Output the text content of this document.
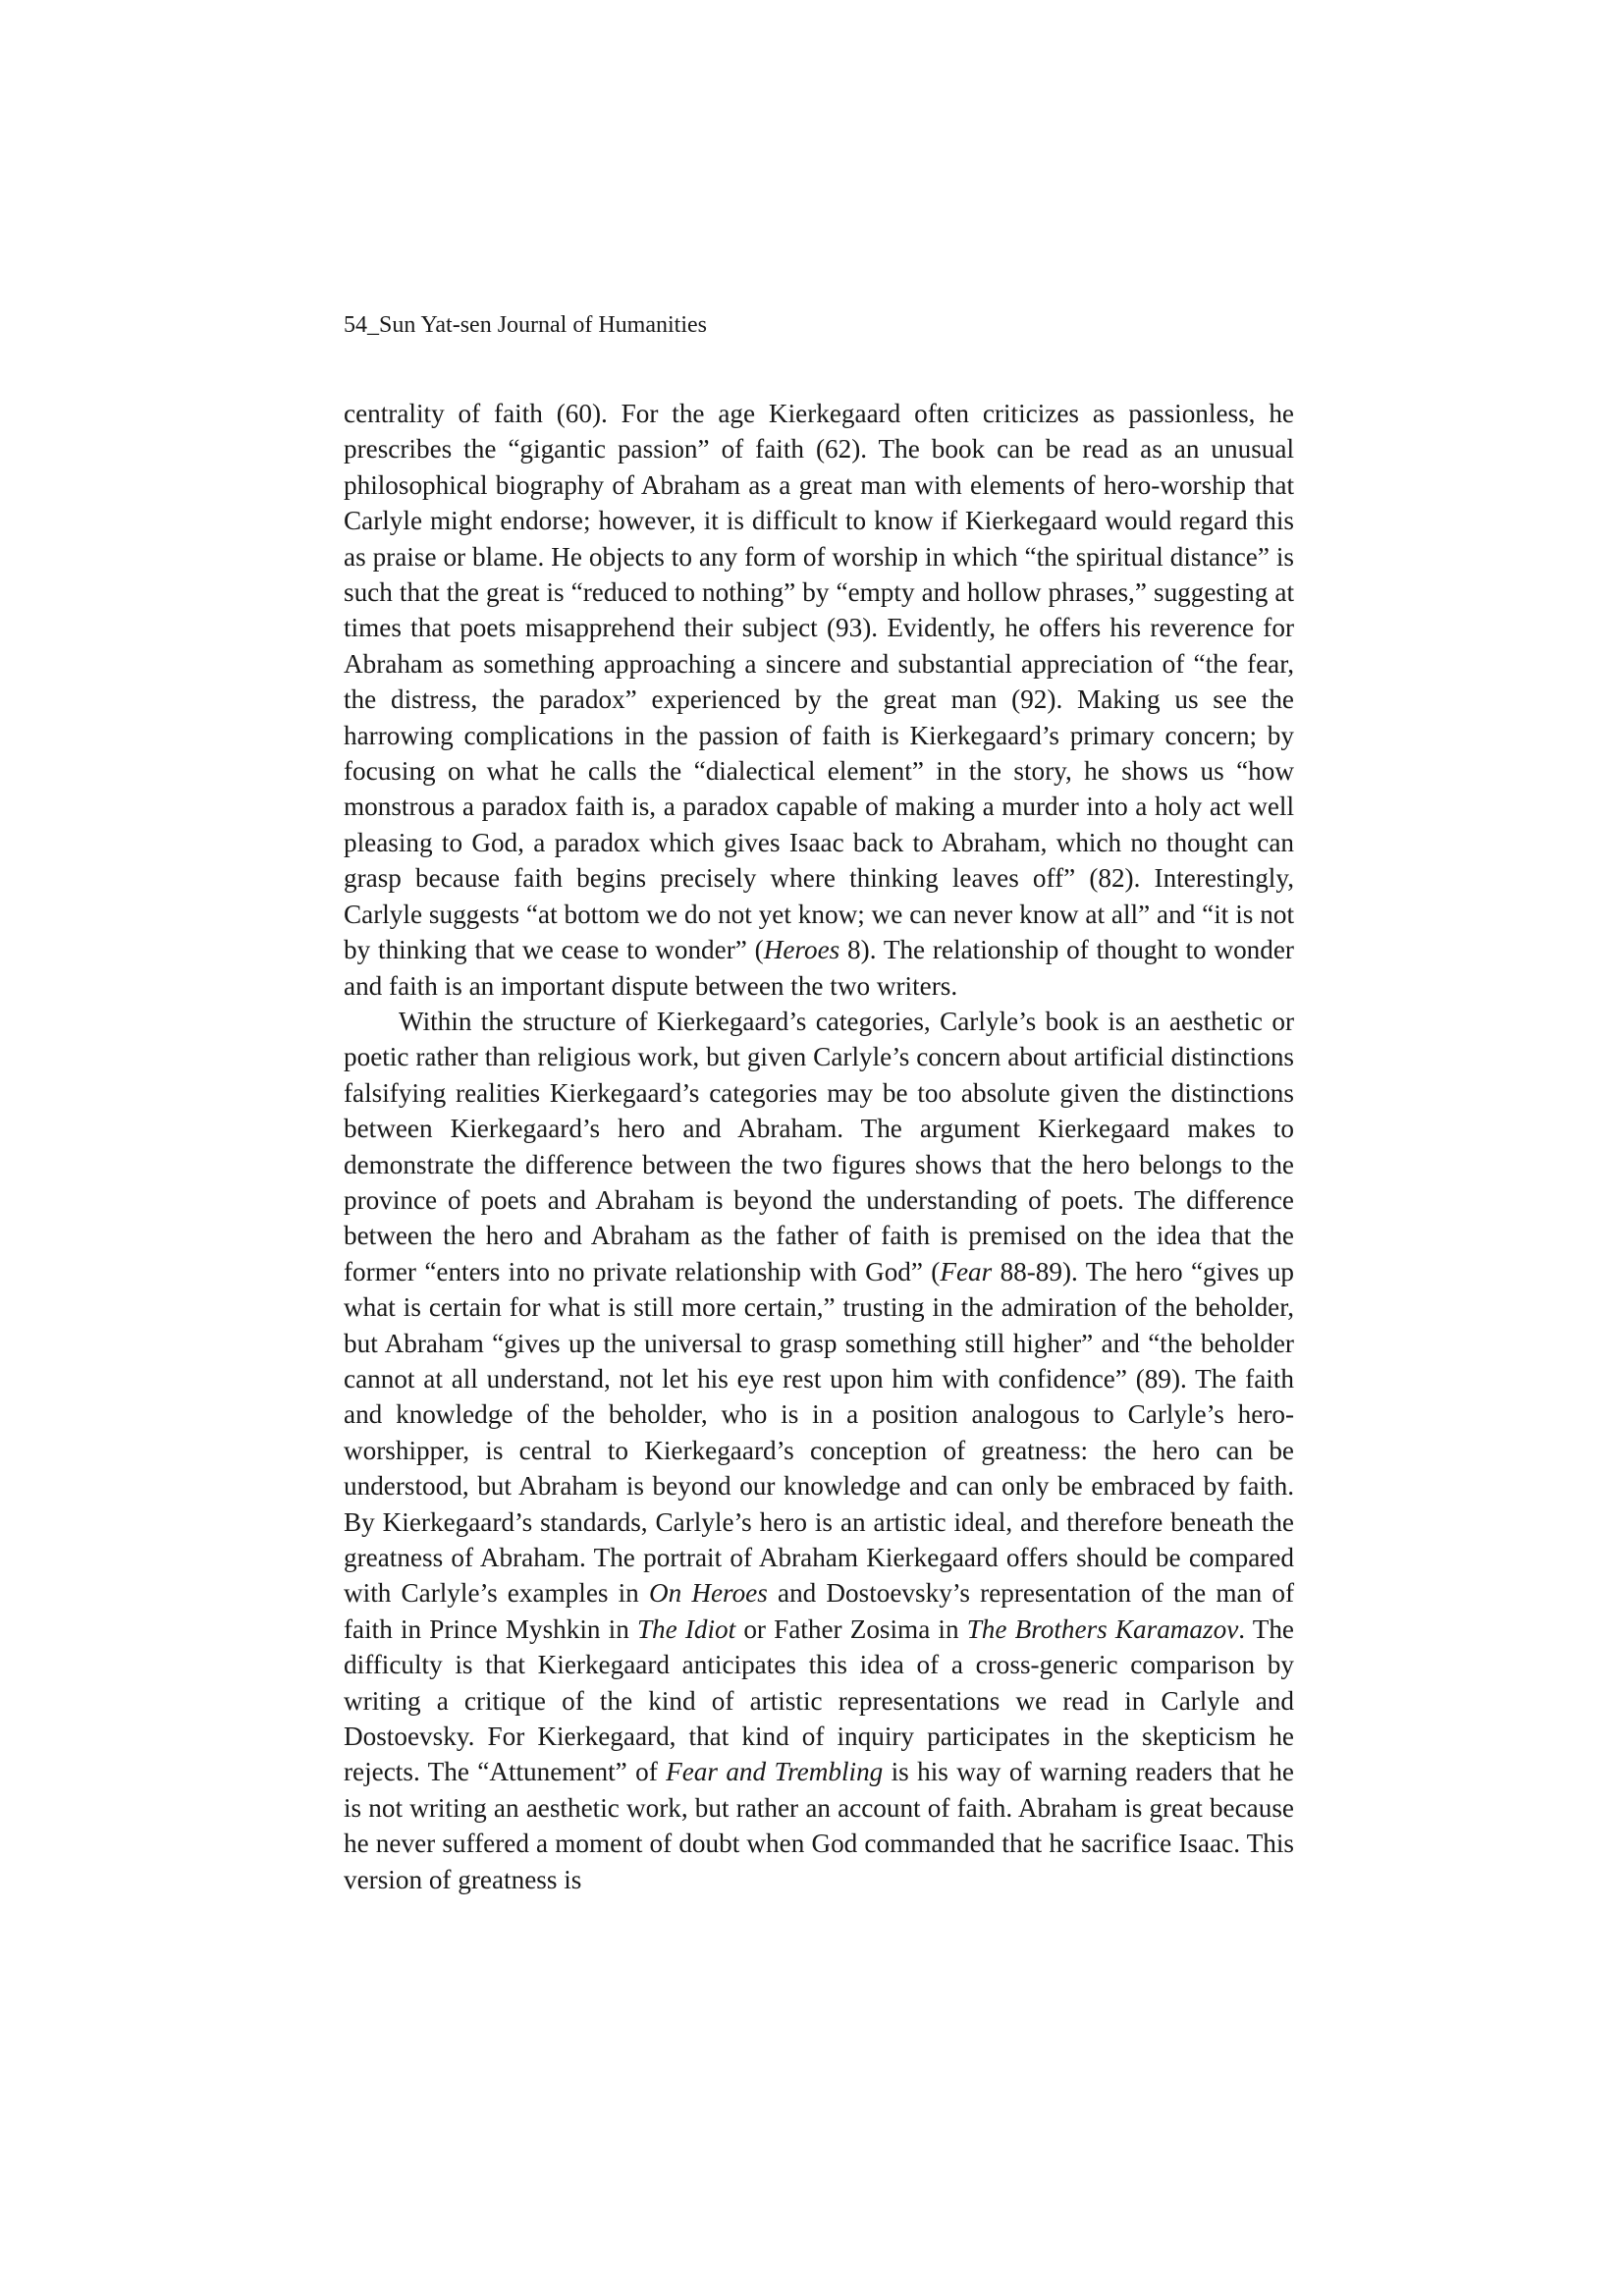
54_Sun Yat-sen Journal of Humanities

centrality of faith (60). For the age Kierkegaard often criticizes as passionless, he prescribes the “gigantic passion” of faith (62). The book can be read as an unusual philosophical biography of Abraham as a great man with elements of hero-worship that Carlyle might endorse; however, it is difficult to know if Kierkegaard would regard this as praise or blame. He objects to any form of worship in which “the spiritual distance” is such that the great is “reduced to nothing” by “empty and hollow phrases,” suggesting at times that poets misapprehend their subject (93). Evidently, he offers his reverence for Abraham as something approaching a sincere and substantial appreciation of “the fear, the distress, the paradox” experienced by the great man (92). Making us see the harrowing complications in the passion of faith is Kierkegaard’s primary concern; by focusing on what he calls the “dialectical element” in the story, he shows us “how monstrous a paradox faith is, a paradox capable of making a murder into a holy act well pleasing to God, a paradox which gives Isaac back to Abraham, which no thought can grasp because faith begins precisely where thinking leaves off” (82). Interestingly, Carlyle suggests “at bottom we do not yet know; we can never know at all” and “it is not by thinking that we cease to wonder” (Heroes 8). The relationship of thought to wonder and faith is an important dispute between the two writers.

Within the structure of Kierkegaard’s categories, Carlyle’s book is an aesthetic or poetic rather than religious work, but given Carlyle’s concern about artificial distinctions falsifying realities Kierkegaard’s categories may be too absolute given the distinctions between Kierkegaard’s hero and Abraham. The argument Kierkegaard makes to demonstrate the difference between the two figures shows that the hero belongs to the province of poets and Abraham is beyond the understanding of poets. The difference between the hero and Abraham as the father of faith is premised on the idea that the former “enters into no private relationship with God” (Fear 88-89). The hero “gives up what is certain for what is still more certain,” trusting in the admiration of the beholder, but Abraham “gives up the universal to grasp something still higher” and “the beholder cannot at all understand, not let his eye rest upon him with confidence” (89). The faith and knowledge of the beholder, who is in a position analogous to Carlyle’s hero-worshipper, is central to Kierkegaard’s conception of greatness: the hero can be understood, but Abraham is beyond our knowledge and can only be embraced by faith. By Kierkegaard’s standards, Carlyle’s hero is an artistic ideal, and therefore beneath the greatness of Abraham. The portrait of Abraham Kierkegaard offers should be compared with Carlyle’s examples in On Heroes and Dostoevsky’s representation of the man of faith in Prince Myshkin in The Idiot or Father Zosima in The Brothers Karamazov. The difficulty is that Kierkegaard anticipates this idea of a cross-generic comparison by writing a critique of the kind of artistic representations we read in Carlyle and Dostoevsky. For Kierkegaard, that kind of inquiry participates in the skepticism he rejects. The “Attunement” of Fear and Trembling is his way of warning readers that he is not writing an aesthetic work, but rather an account of faith. Abraham is great because he never suffered a moment of doubt when God commanded that he sacrifice Isaac. This version of greatness is
